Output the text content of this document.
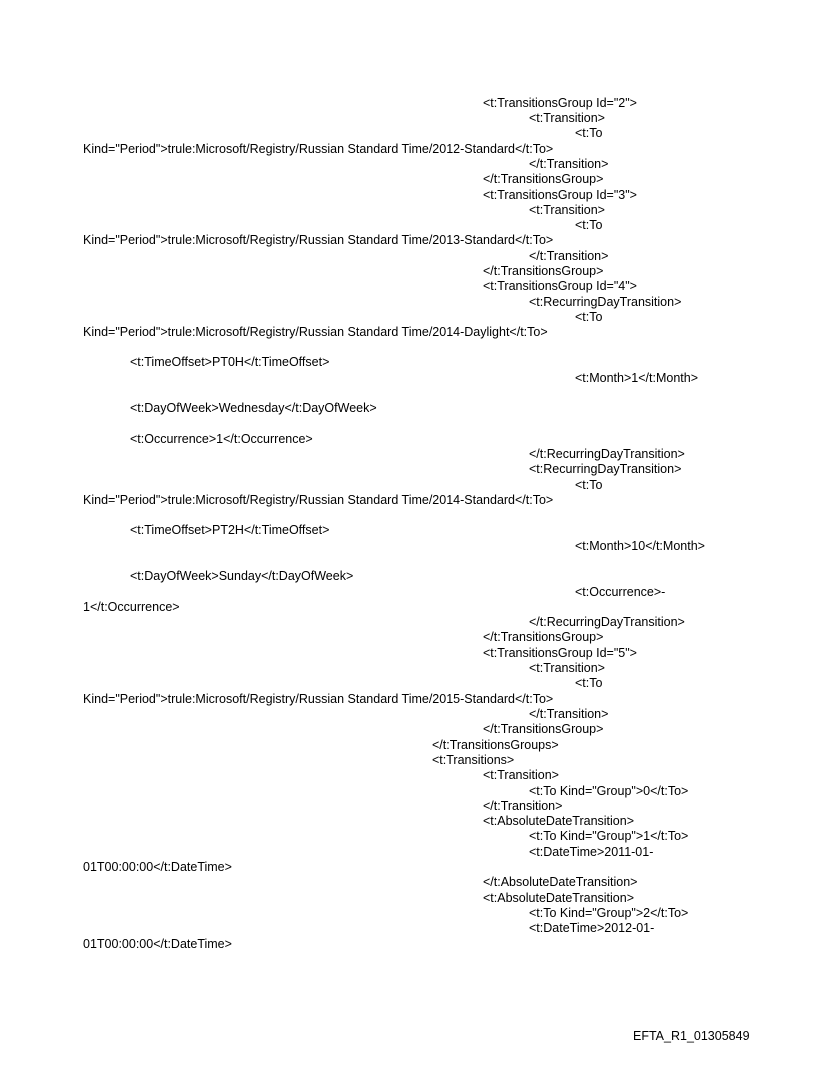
<t:TransitionsGroup Id="2">
<t:Transition>
<t:To
Kind="Period">trule:Microsoft/Registry/Russian Standard Time/2012-Standard</t:To>
</t:Transition>
</t:TransitionsGroup>
<t:TransitionsGroup Id="3">
<t:Transition>
<t:To
Kind="Period">trule:Microsoft/Registry/Russian Standard Time/2013-Standard</t:To>
</t:Transition>
</t:TransitionsGroup>
<t:TransitionsGroup Id="4">
<t:RecurringDayTransition>
<t:To
Kind="Period">trule:Microsoft/Registry/Russian Standard Time/2014-Daylight</t:To>
<t:TimeOffset>PT0H</t:TimeOffset>
<t:Month>1</t:Month>
<t:DayOfWeek>Wednesday</t:DayOfWeek>
<t:Occurrence>1</t:Occurrence>
</t:RecurringDayTransition>
<t:RecurringDayTransition>
<t:To
Kind="Period">trule:Microsoft/Registry/Russian Standard Time/2014-Standard</t:To>
<t:TimeOffset>PT2H</t:TimeOffset>
<t:Month>10</t:Month>
<t:DayOfWeek>Sunday</t:DayOfWeek>
<t:Occurrence>-
1</t:Occurrence>
</t:RecurringDayTransition>
</t:TransitionsGroup>
<t:TransitionsGroup Id="5">
<t:Transition>
<t:To
Kind="Period">trule:Microsoft/Registry/Russian Standard Time/2015-Standard</t:To>
</t:Transition>
</t:TransitionsGroup>
</t:TransitionsGroups>
<t:Transitions>
<t:Transition>
<t:To Kind="Group">0</t:To>
</t:Transition>
<t:AbsoluteDateTransition>
<t:To Kind="Group">1</t:To>
<t:DateTime>2011-01-
01T00:00:00</t:DateTime>
</t:AbsoluteDateTransition>
<t:AbsoluteDateTransition>
<t:To Kind="Group">2</t:To>
<t:DateTime>2012-01-
01T00:00:00</t:DateTime>
EFTA_R1_01305849
